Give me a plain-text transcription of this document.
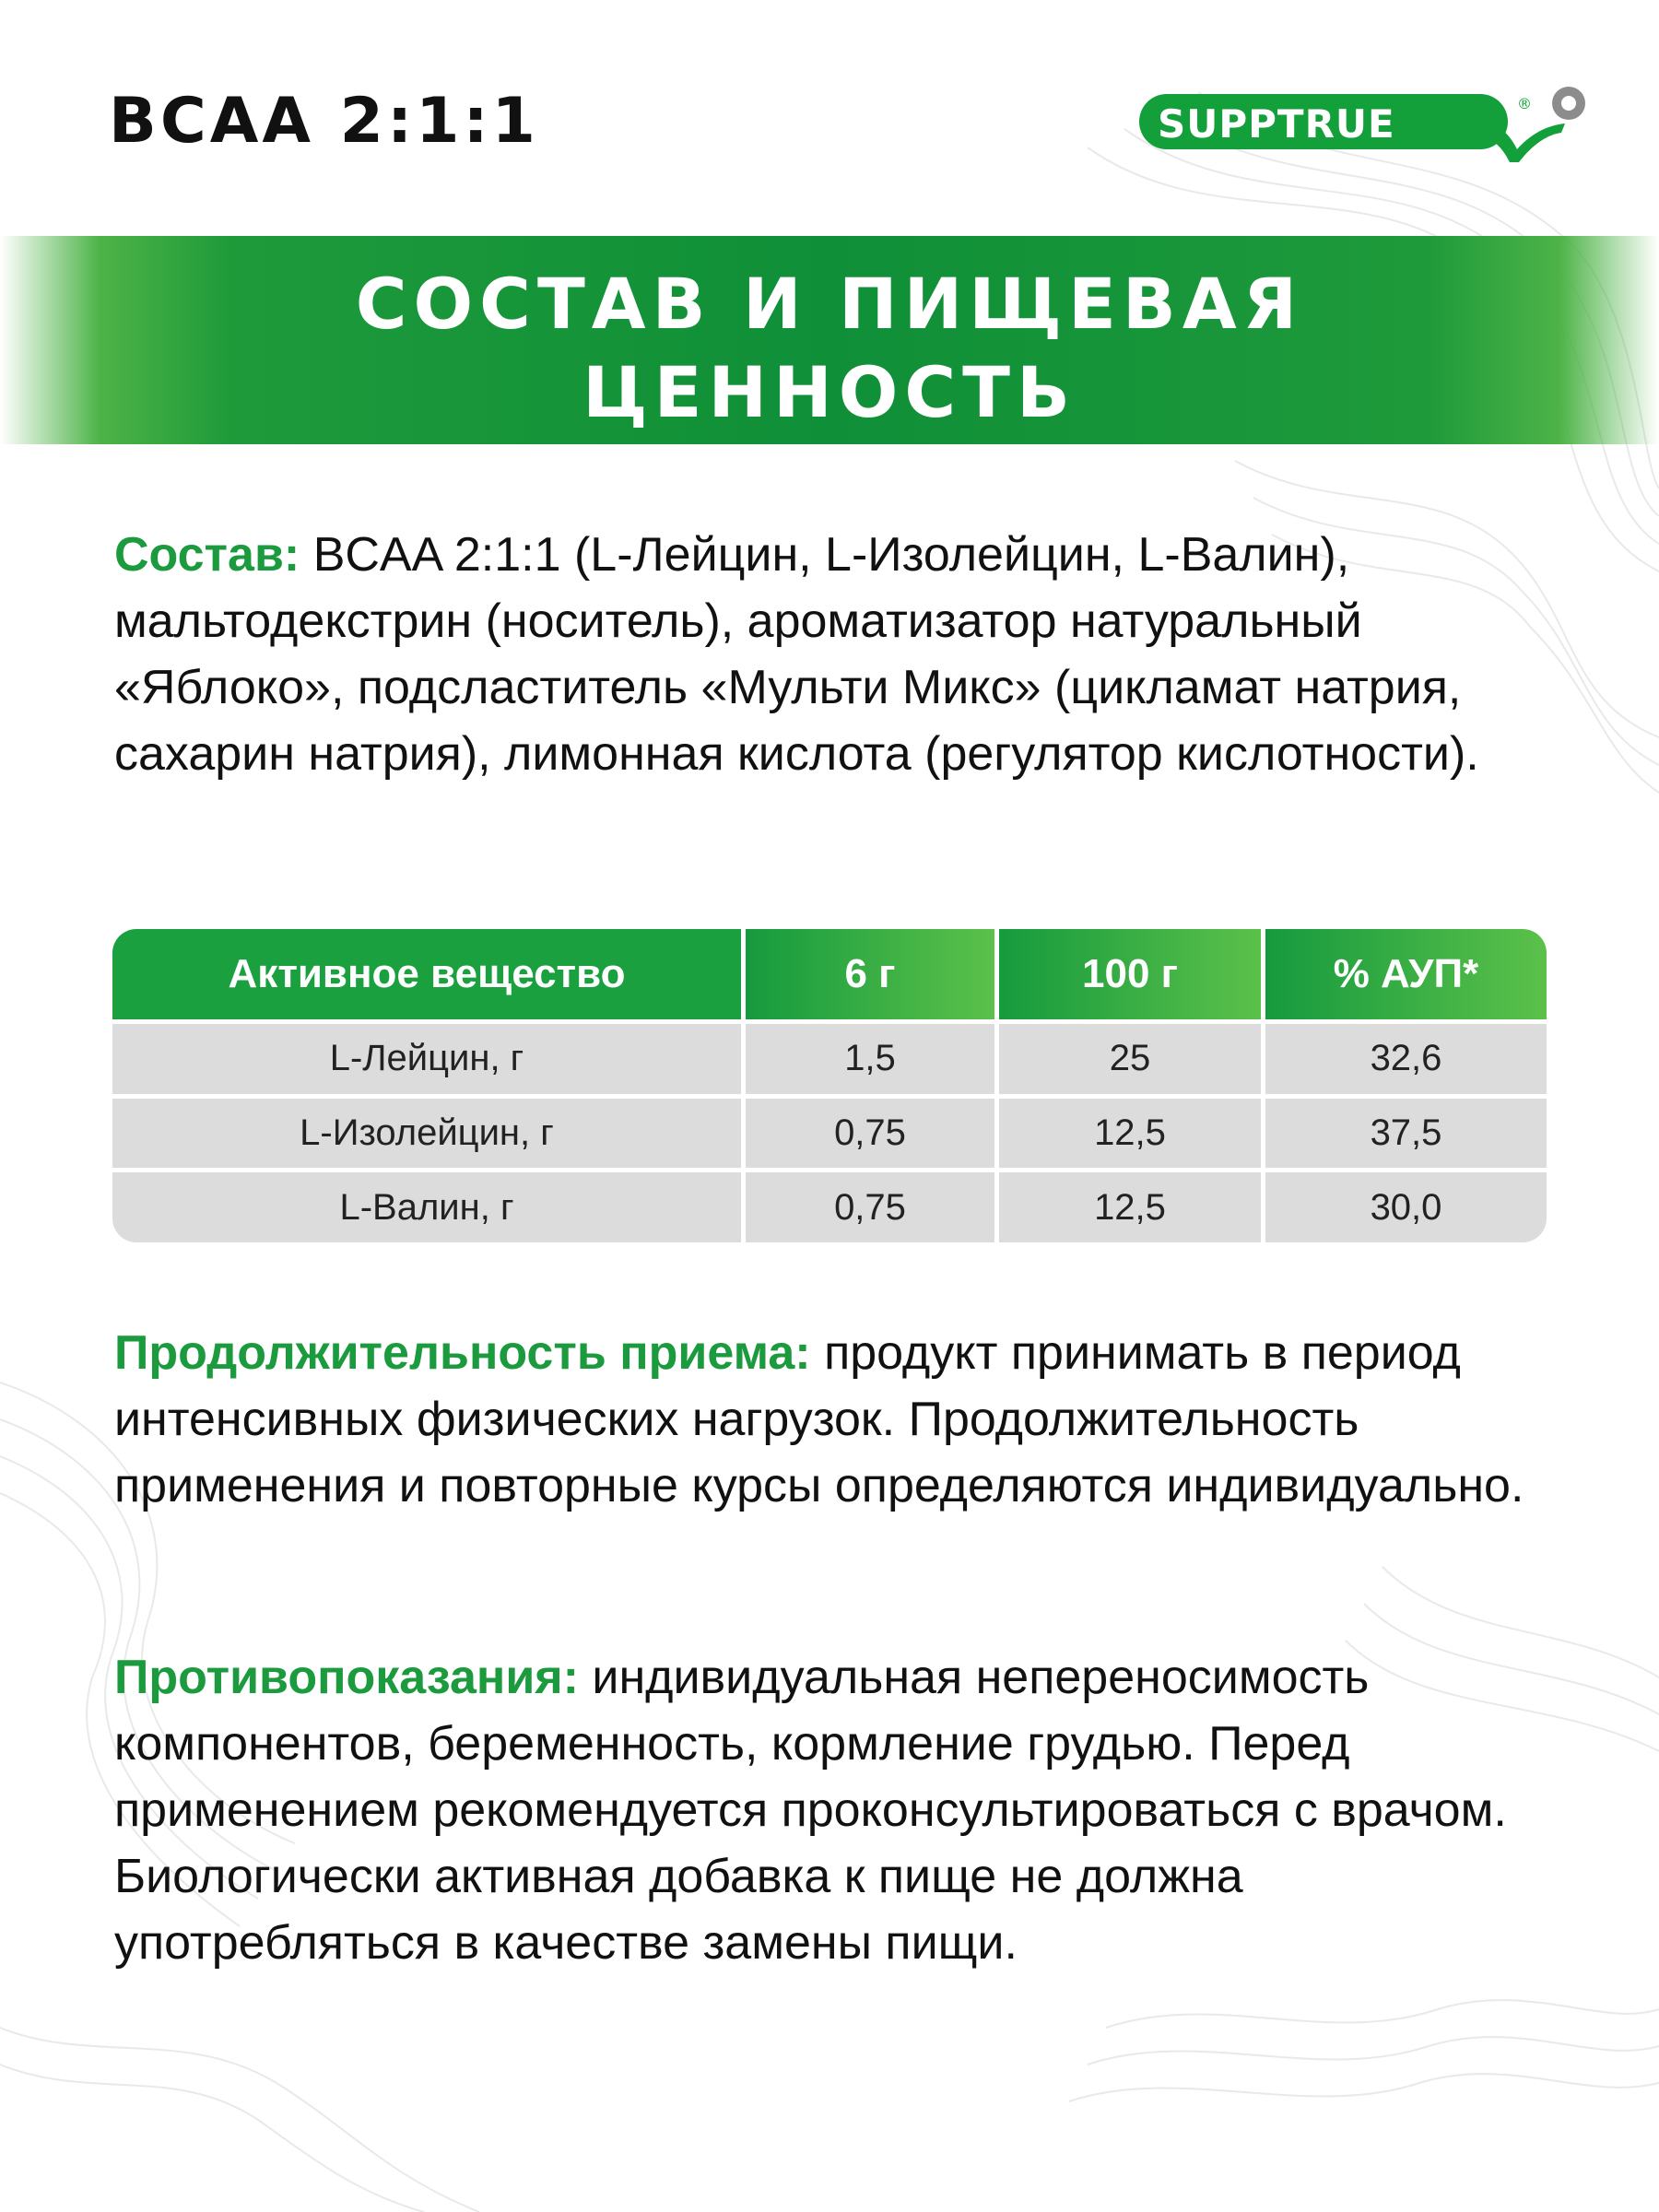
BCAA 2:1:1	SUPPTRUE	®
СОСТАВ И ПИЩЕВАЯ
ЦЕННОСТЬ
Состав: BCAA 2:1:1 (L-Лейцин, L-Изолейцин, L-Валин), мальтодекстрин (носитель), ароматизатор натуральный «Яблоко», подсластитель «Мульти Микс» (цикламат натрия, сахарин натрия), лимонная кислота (регулятор кислотности).
Активное вещество	6 г	100 г	% АУП*
L-Лейцин, г	1,5	25	32,6
L-Изолейцин, г	0,75	12,5	37,5
L-Валин, г	0,75	12,5	30,0
Продолжительность приема: продукт принимать в период интенсивных физических нагрузок. Продолжительность применения и повторные курсы определяются индивидуально.
Противопоказания: индивидуальная непереносимость компонентов, беременность, кормление грудью. Перед применением рекомендуется проконсультироваться с врачом. Биологически активная добавка к пище не должна употребляться в качестве замены пищи.
